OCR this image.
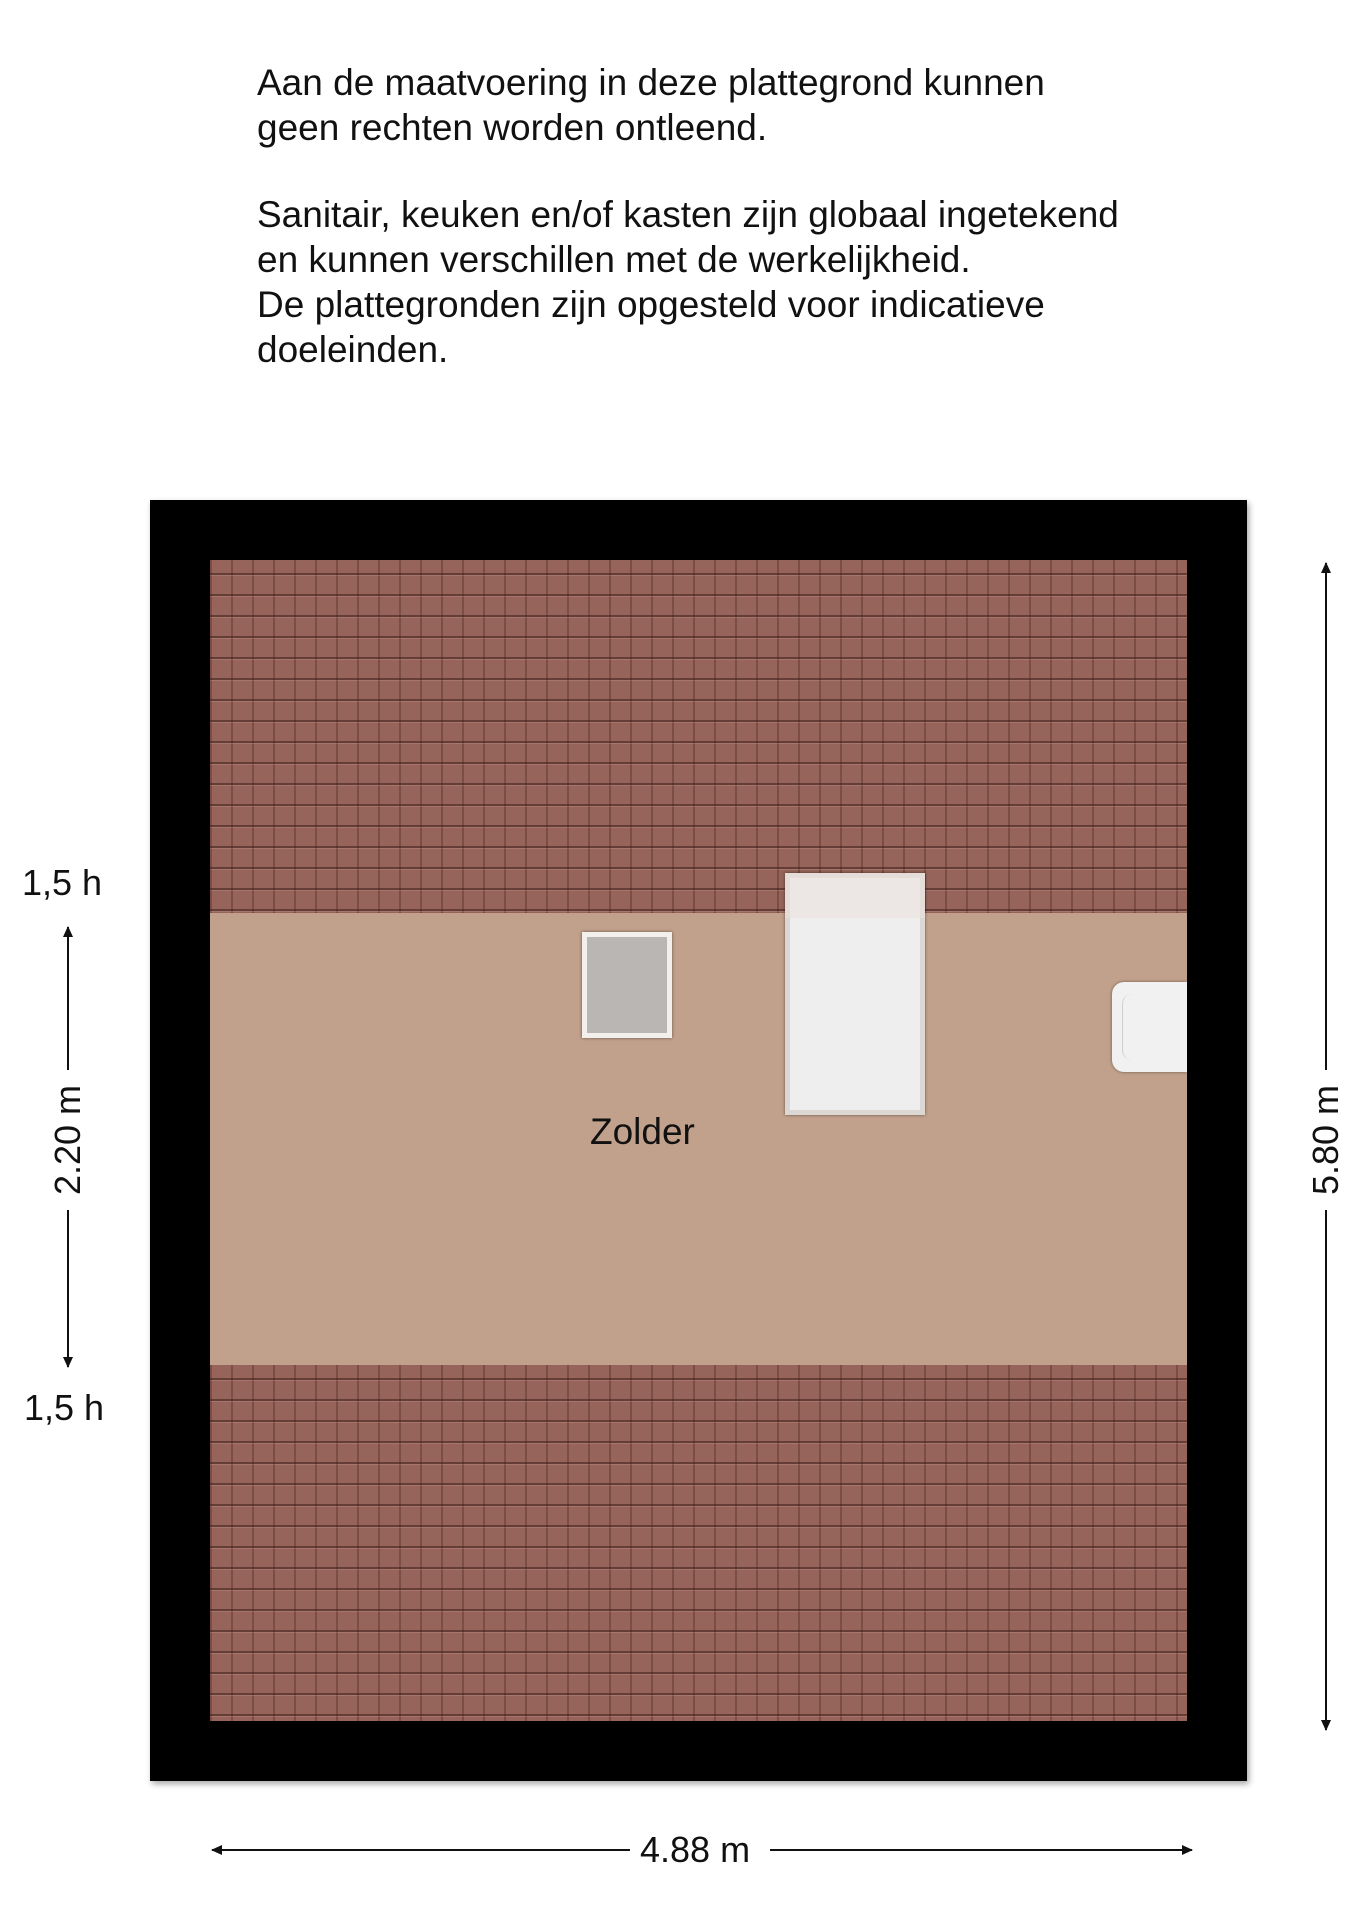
Aan de maatvoering in deze plattegrond kunnen
geen rechten worden ontleend.
Sanitair, keuken en/of kasten zijn globaal ingetekend
en kunnen verschillen met de werkelijkheid.
De plattegronden zijn opgesteld voor indicatieve
doeleinden.
Zolder
4.88 m
5.80 m
2.20 m
1,5 h
1,5 h
